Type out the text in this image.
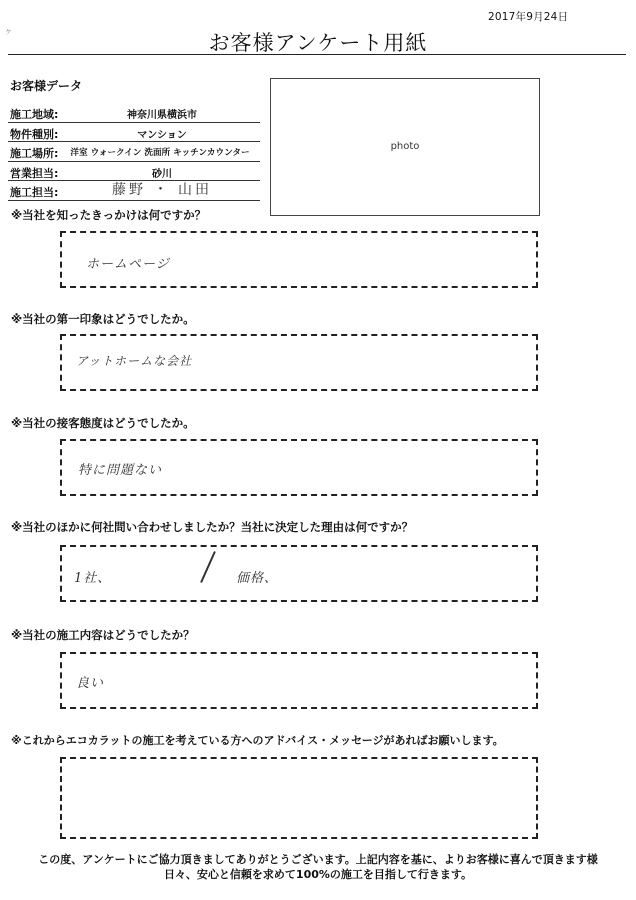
ヶ
2017年9月24日
お客様アンケート用紙
お客様データ
施工地域:	神奈川県横浜市
物件種別:	マンション
施工場所:	洋室 ウォークイン 洗面所 キッチンカウンター
営業担当:	砂川
施工担当:	藤野 ・ 山田
photo
※当社を知ったきっかけは何ですか？
ホームページ
※当社の第一印象はどうでしたか。
アットホームな会社
※当社の接客態度はどうでしたか。
特に問題ない
※当社のほかに何社問い合わせしましたか？当社に決定した理由は何ですか？
1社、	価格、
※当社の施工内容はどうでしたか？
良い
※これからエコカラットの施工を考えている方へのアドバイス・メッセージがあればお願いします。
この度、アンケートにご協力頂きましてありがとうございます。上記内容を基に、よりお客様に喜んで頂きます様
日々、安心と信頼を求めて100%の施工を目指して行きます。
